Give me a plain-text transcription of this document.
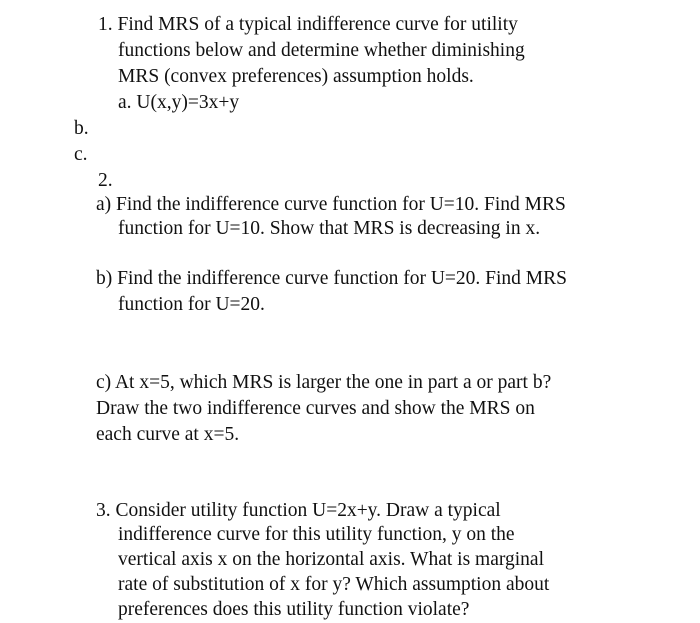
1. Find MRS of a typical indifference curve for utility
functions below and determine whether diminishing
MRS (convex preferences) assumption holds.
a. U(x,y)=3x+y
b.
c.
2.
a) Find the indifference curve function for U=10. Find MRS
function for U=10. Show that MRS is decreasing in x.
b) Find the indifference curve function for U=20. Find MRS
function for U=20.
c) At x=5, which MRS is larger the one in part a or part b?
Draw the two indifference curves and show the MRS on
each curve at x=5.
3. Consider utility function U=2x+y. Draw a typical
indifference curve for this utility function, y on the
vertical axis x on the horizontal axis. What is marginal
rate of substitution of x for y? Which assumption about
preferences does this utility function violate?
